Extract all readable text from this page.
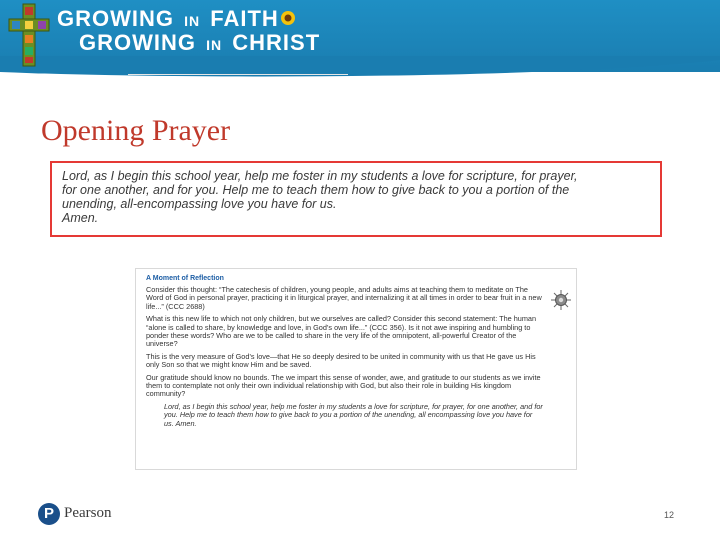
GROWING IN FAITH
GROWING IN CHRIST
Opening Prayer

Lord, as I begin this school year, help me foster in my students a love for scripture, for prayer,

for one another, and for you. Help me to teach them how to give back to you a portion of the

unending, all-encompassing love you have for us.

Amen.

A Moment of Reflection

Consider this thought: “The catechesis of children, young people, and adults aims at teaching them to meditate on The Word of God in personal prayer, practicing it in liturgical prayer, and internalizing it at all times in order to bear fruit in a new life...” (CCC 2688)

What is this new life to which not only children, but we ourselves are called? Consider this second statement: The human “alone is called to share, by knowledge and love, in God’s own life...” (CCC 356). Is it not awe inspiring and humbling to ponder these words? Who are we to be called to share in the very life of the omnipotent, all-powerful Creator of the universe?

This is the very measure of God’s love—that He so deeply desired to be united in community with us that He gave us His only Son so that we might know Him and be saved.

Our gratitude should know no bounds. The we impart this sense of wonder, awe, and gratitude to our students as we invite them to contemplate not only their own individual relationship with God, but also their role in building His kingdom community?

Lord, as I begin this school year, help me foster in my students a love for scripture, for prayer, for one another, and for you. Help me to teach them how to give back to you a portion of the unending, all encompassing love you have for us. Amen.

P Pearson	12
